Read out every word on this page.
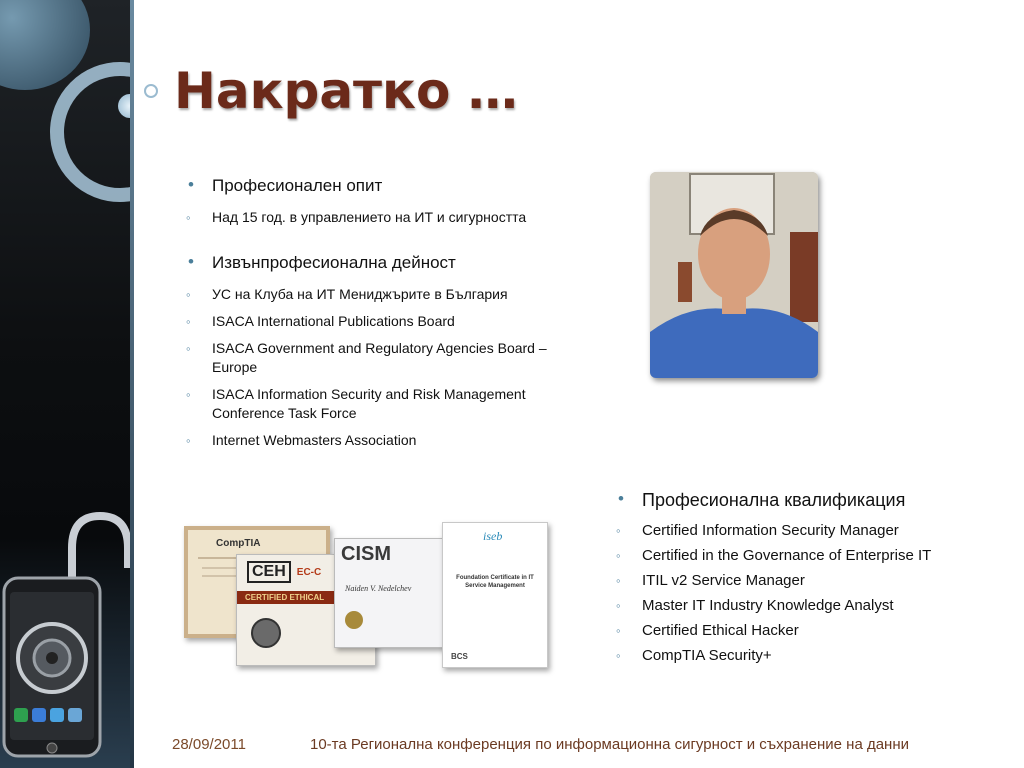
Накратко …
• Професионален опит
◦ Над 15 год. в управлението на ИТ и сигурността
• Извънпрофесионална дейност
◦ УС на Клуба на ИТ Мениджърите в България
◦ ISACA International Publications Board
◦ ISACA Government and Regulatory Agencies Board – Europe
◦ ISACA Information Security and Risk Management Conference Task Force
◦ Internet Webmasters Association
CompTIA
CEH	EC-C
CERTIFIED ETHICAL
CISM
Naiden V. Nedelchev
iseb
Foundation Certificate in IT Service Management
BCS
• Професионална квалификация
◦ Certified Information Security Manager
◦ Certified in the Governance of Enterprise IT
◦ ITIL v2 Service Manager
◦ Master IT Industry Knowledge Analyst
◦ Certified Ethical Hacker
◦ CompTIA Security+
28/09/2011	10-та Регионална конференция по информационна сигурност и съхранение на данни
